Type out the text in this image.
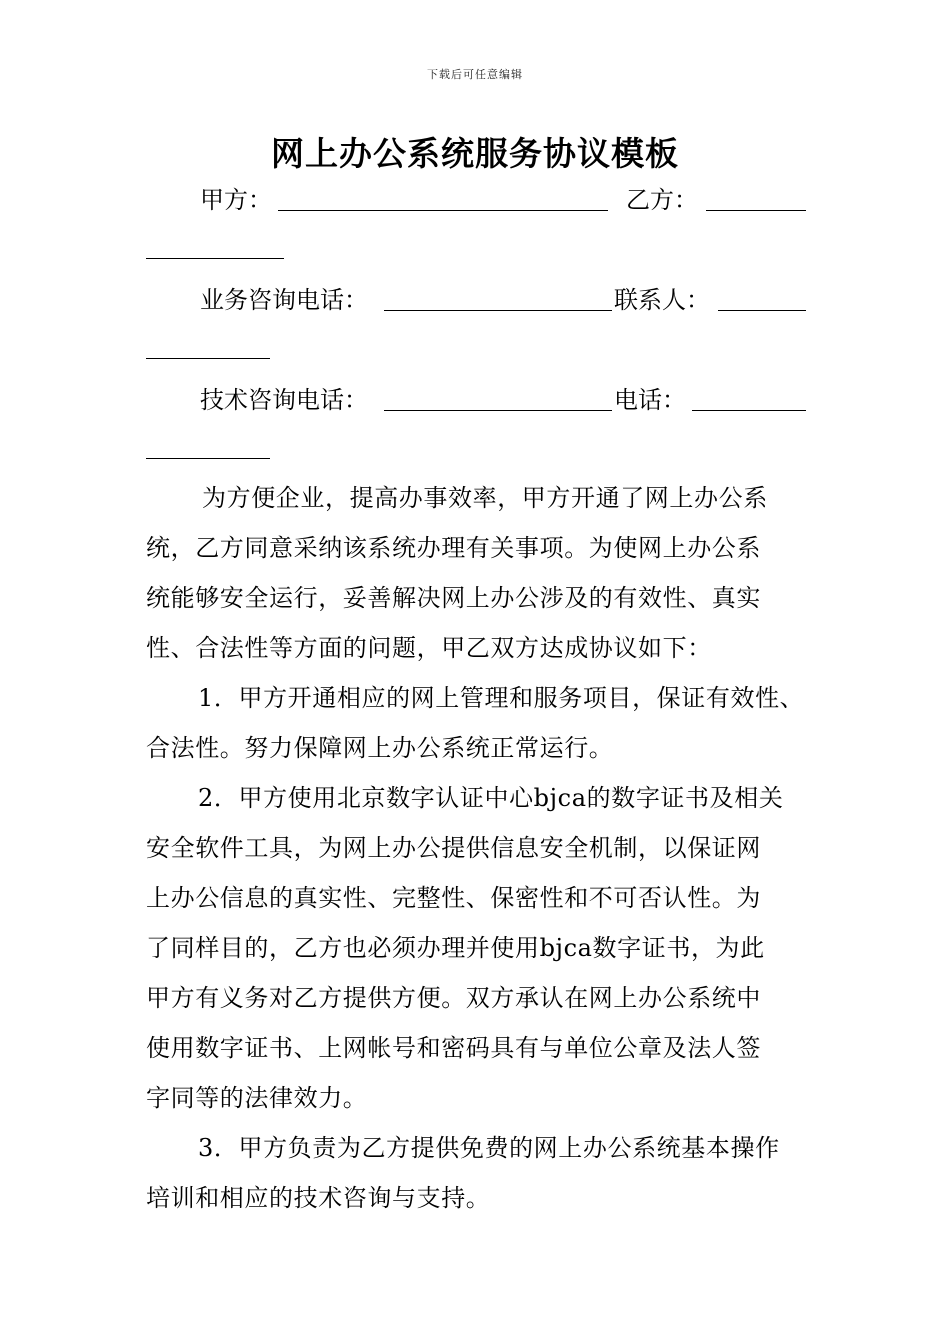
下载后可任意编辑
网上办公系统服务协议模板
甲方：	乙方：
业务咨询电话：	联系人：
技术咨询电话：	电话：
为方便企业，提高办事效率，甲方开通了网上办公系
统，乙方同意采纳该系统办理有关事项。为使网上办公系
统能够安全运行，妥善解决网上办公涉及的有效性、真实
性、合法性等方面的问题，甲乙双方达成协议如下：
1．甲方开通相应的网上管理和服务项目，保证有效性、
合法性。努力保障网上办公系统正常运行。
2．甲方使用北京数字认证中心bjca的数字证书及相关
安全软件工具，为网上办公提供信息安全机制，以保证网
上办公信息的真实性、完整性、保密性和不可否认性。为
了同样目的，乙方也必须办理并使用bjca数字证书，为此
甲方有义务对乙方提供方便。双方承认在网上办公系统中
使用数字证书、上网帐号和密码具有与单位公章及法人签
字同等的法律效力。
3．甲方负责为乙方提供免费的网上办公系统基本操作
培训和相应的技术咨询与支持。
